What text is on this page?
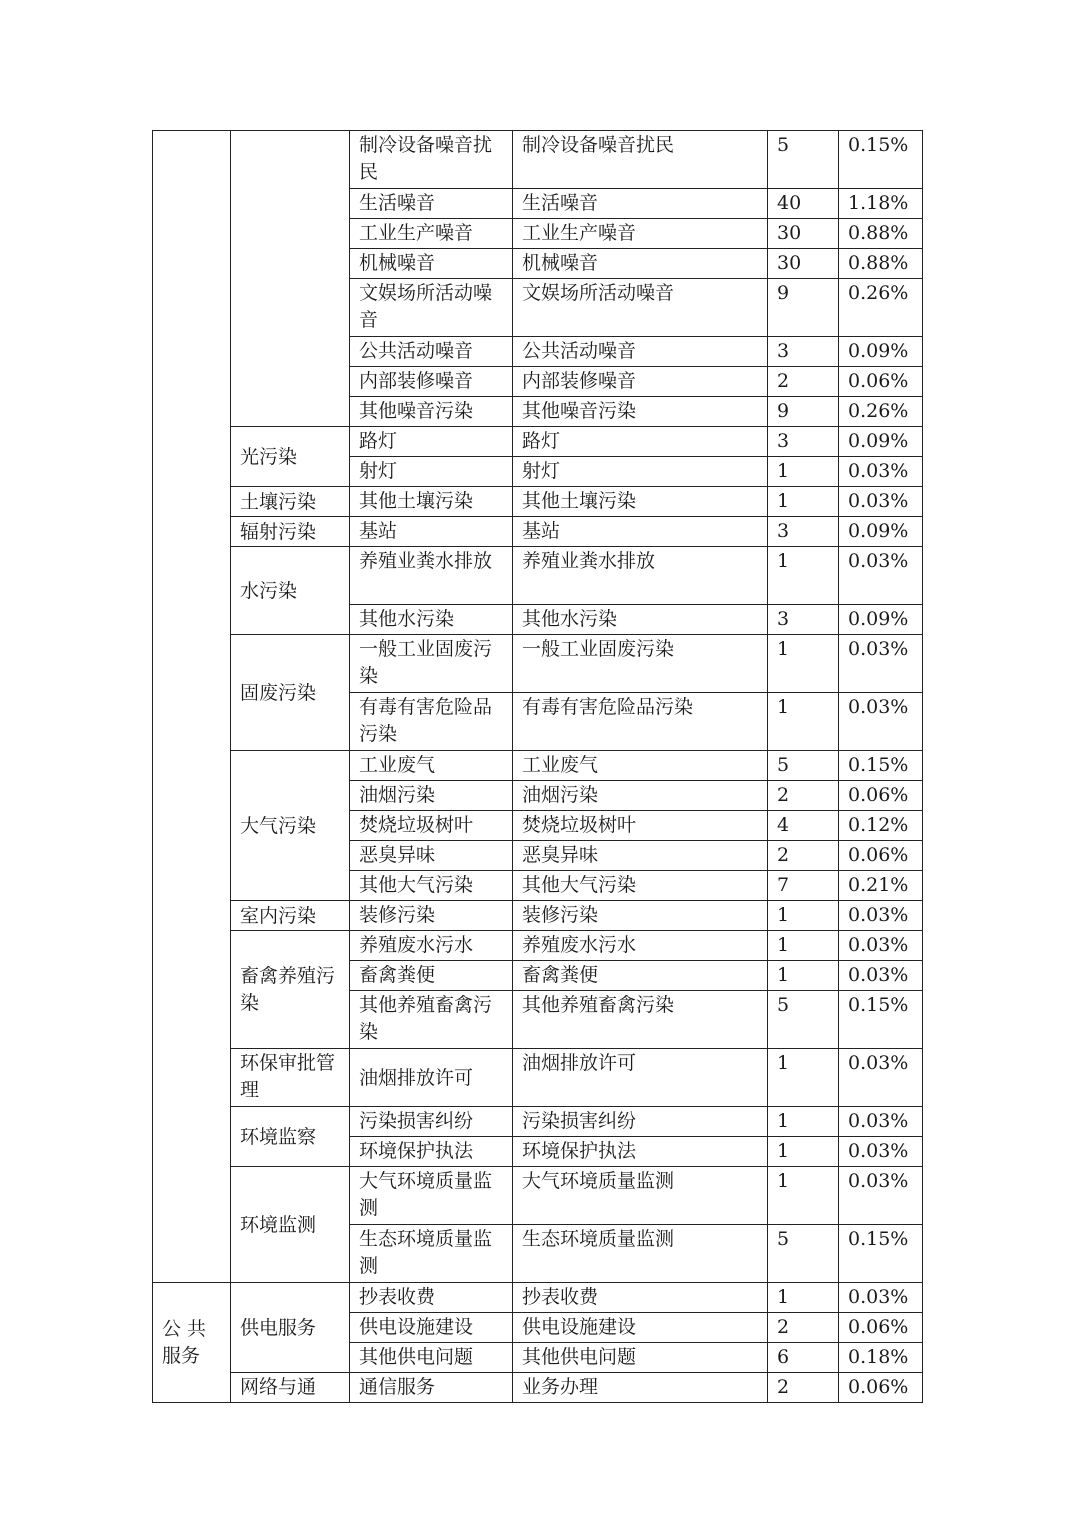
		制冷设备噪音扰民	制冷设备噪音扰民	5	0.15%
		生活噪音	生活噪音	40	1.18%
		工业生产噪音	工业生产噪音	30	0.88%
		机械噪音	机械噪音	30	0.88%
		文娱场所活动噪音	文娱场所活动噪音	9	0.26%
		公共活动噪音	公共活动噪音	3	0.09%
		内部装修噪音	内部装修噪音	2	0.06%
		其他噪音污染	其他噪音污染	9	0.26%
	光污染	路灯	路灯	3	0.09%
		射灯	射灯	1	0.03%
	土壤污染	其他土壤污染	其他土壤污染	1	0.03%
	辐射污染	基站	基站	3	0.09%
	水污染	养殖业粪水排放	养殖业粪水排放	1	0.03%
		其他水污染	其他水污染	3	0.09%
	固废污染	一般工业固废污染	一般工业固废污染	1	0.03%
		有毒有害危险品污染	有毒有害危险品污染	1	0.03%
	大气污染	工业废气	工业废气	5	0.15%
		油烟污染	油烟污染	2	0.06%
		焚烧垃圾树叶	焚烧垃圾树叶	4	0.12%
		恶臭异味	恶臭异味	2	0.06%
		其他大气污染	其他大气污染	7	0.21%
	室内污染	装修污染	装修污染	1	0.03%
	畜禽养殖污染	养殖废水污水	养殖废水污水	1	0.03%
		畜禽粪便	畜禽粪便	1	0.03%
		其他养殖畜禽污染	其他养殖畜禽污染	5	0.15%
	环保审批管理	油烟排放许可	油烟排放许可	1	0.03%
	环境监察	污染损害纠纷	污染损害纠纷	1	0.03%
		环境保护执法	环境保护执法	1	0.03%
	环境监测	大气环境质量监测	大气环境质量监测	1	0.03%
		生态环境质量监测	生态环境质量监测	5	0.15%
公 共
服务	供电服务	抄表收费	抄表收费	1	0.03%
		供电设施建设	供电设施建设	2	0.06%
		其他供电问题	其他供电问题	6	0.18%
	网络与通	通信服务	业务办理	2	0.06%
